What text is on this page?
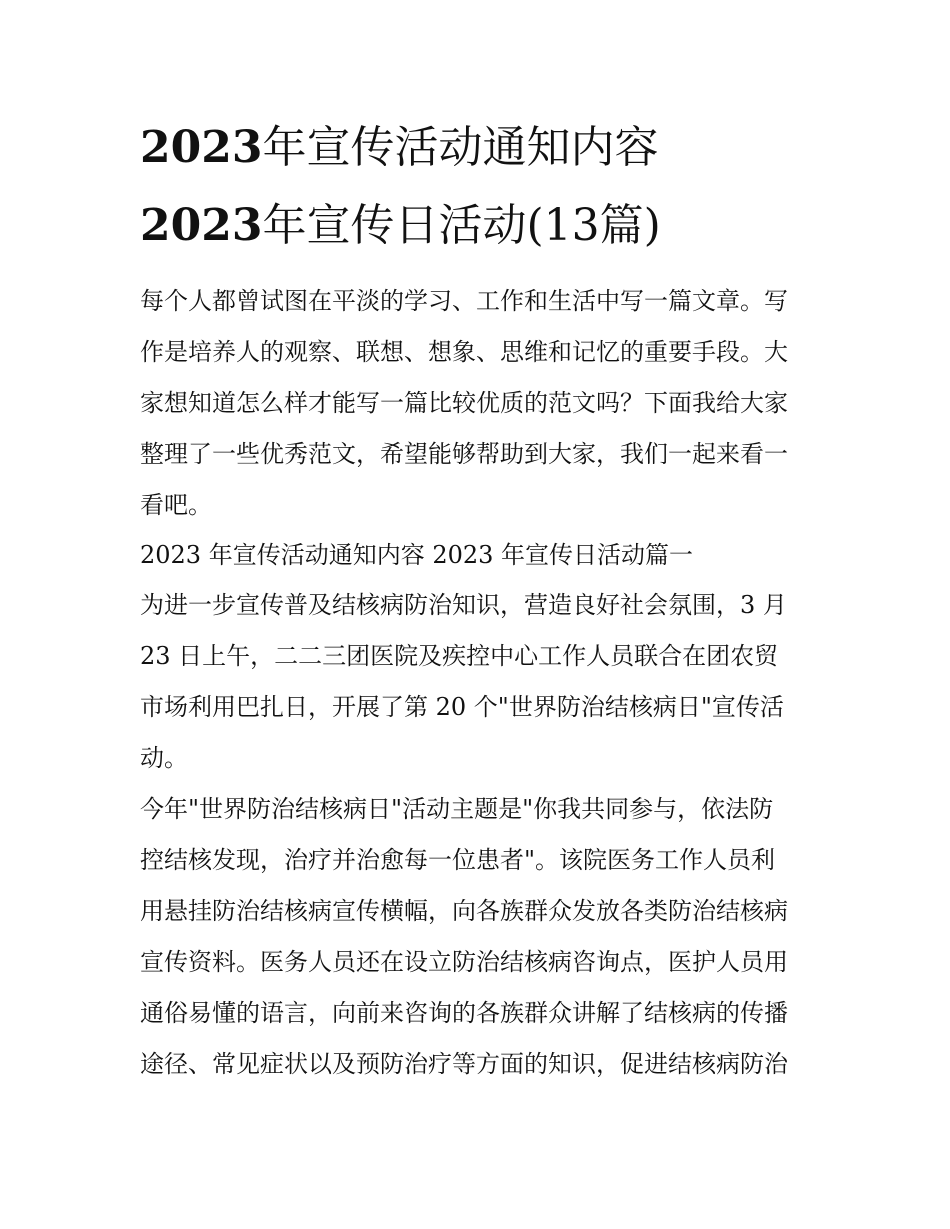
2023年宣传活动通知内容
2023年宣传日活动(13篇)
每个人都曾试图在平淡的学习、工作和生活中写一篇文章。写
作是培养人的观察、联想、想象、思维和记忆的重要手段。大
家想知道怎么样才能写一篇比较优质的范文吗？下面我给大家
整理了一些优秀范文，希望能够帮助到大家，我们一起来看一
看吧。
2023 年宣传活动通知内容 2023 年宣传日活动篇一
为进一步宣传普及结核病防治知识，营造良好社会氛围，3 月
23 日上午，二二三团医院及疾控中心工作人员联合在团农贸
市场利用巴扎日，开展了第 20 个"世界防治结核病日"宣传活
动。
今年"世界防治结核病日"活动主题是"你我共同参与，依法防
控结核发现，治疗并治愈每一位患者"。该院医务工作人员利
用悬挂防治结核病宣传横幅，向各族群众发放各类防治结核病
宣传资料。医务人员还在设立防治结核病咨询点，医护人员用
通俗易懂的语言，向前来咨询的各族群众讲解了结核病的传播
途径、常见症状以及预防治疗等方面的知识，促进结核病防治
